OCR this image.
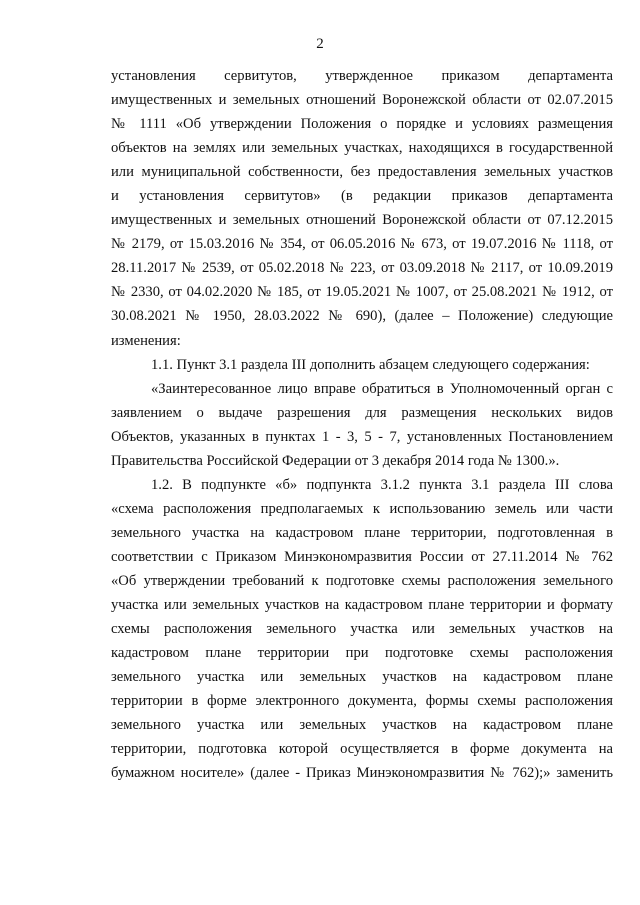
2
установления сервитутов, утвержденное приказом департамента
имущественных и земельных отношений Воронежской области от 02.07.2015
№ 1111 «Об утверждении Положения о порядке и условиях размещения
объектов на землях или земельных участках, находящихся в государственной
или муниципальной собственности, без предоставления земельных участков
и установления сервитутов» (в редакции приказов департамента
имущественных и земельных отношений Воронежской области от 07.12.2015
№ 2179, от 15.03.2016 № 354, от 06.05.2016 № 673, от 19.07.2016 № 1118, от
28.11.2017 № 2539, от 05.02.2018 № 223, от 03.09.2018 № 2117, от 10.09.2019
№ 2330, от 04.02.2020 № 185, от 19.05.2021 № 1007, от 25.08.2021 № 1912, от
30.08.2021 № 1950, 28.03.2022 № 690), (далее – Положение) следующие
изменения:
1.1. Пункт 3.1 раздела III дополнить абзацем следующего содержания:
«Заинтересованное лицо вправе обратиться в Уполномоченный орган с
заявлением о выдаче разрешения для размещения нескольких видов
Объектов, указанных в пунктах 1 - 3, 5 - 7, установленных Постановлением
Правительства Российской Федерации от 3 декабря 2014 года № 1300.».
1.2. В подпункте «б» подпункта 3.1.2 пункта 3.1 раздела III слова
«схема расположения предполагаемых к использованию земель или части
земельного участка на кадастровом плане территории, подготовленная в
соответствии с Приказом Минэкономразвития России от 27.11.2014 № 762
«Об утверждении требований к подготовке схемы расположения земельного
участка или земельных участков на кадастровом плане территории и формату
схемы расположения земельного участка или земельных участков на
кадастровом плане территории при подготовке схемы расположения
земельного участка или земельных участков на кадастровом плане
территории в форме электронного документа, формы схемы расположения
земельного участка или земельных участков на кадастровом плане
территории, подготовка которой осуществляется в форме документа на
бумажном носителе» (далее - Приказ Минэкономразвития № 762);» заменить
